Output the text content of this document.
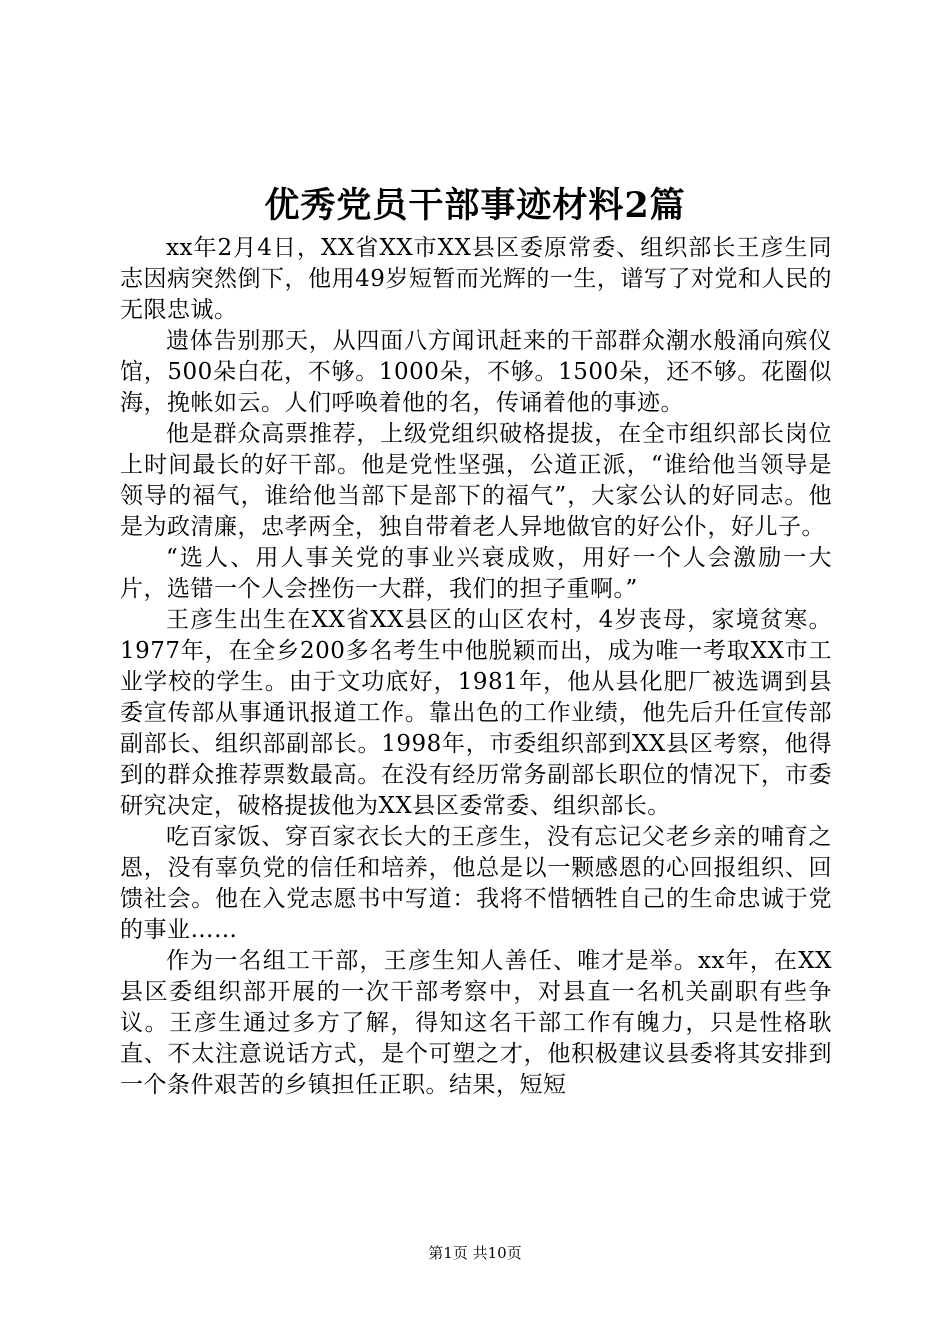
优秀党员干部事迹材料2篇

xx年2月4日，XX省XX市XX县区委原常委、组织部长王彦生同志因病突然倒下，他用49岁短暂而光辉的一生，谱写了对党和人民的无限忠诚。

遗体告别那天，从四面八方闻讯赶来的干部群众潮水般涌向殡仪馆，500朵白花，不够。1000朵，不够。1500朵，还不够。花圈似海，挽帐如云。人们呼唤着他的名，传诵着他的事迹。

他是群众高票推荐，上级党组织破格提拔，在全市组织部长岗位上时间最长的好干部。他是党性坚强，公道正派，“谁给他当领导是领导的福气，谁给他当部下是部下的福气”，大家公认的好同志。他是为政清廉，忠孝两全，独自带着老人异地做官的好公仆，好儿子。

“选人、用人事关党的事业兴衰成败，用好一个人会激励一大片，选错一个人会挫伤一大群，我们的担子重啊。”

王彦生出生在XX省XX县区的山区农村，4岁丧母，家境贫寒。1977年，在全乡200多名考生中他脱颖而出，成为唯一考取XX市工业学校的学生。由于文功底好，1981年，他从县化肥厂被选调到县委宣传部从事通讯报道工作。靠出色的工作业绩，他先后升任宣传部副部长、组织部副部长。1998年，市委组织部到XX县区考察，他得到的群众推荐票数最高。在没有经历常务副部长职位的情况下，市委研究决定，破格提拔他为XX县区委常委、组织部长。

吃百家饭、穿百家衣长大的王彦生，没有忘记父老乡亲的哺育之恩，没有辜负党的信任和培养，他总是以一颗感恩的心回报组织、回馈社会。他在入党志愿书中写道：我将不惜牺牲自己的生命忠诚于党的事业……

作为一名组工干部，王彦生知人善任、唯才是举。xx年，在XX县区委组织部开展的一次干部考察中，对县直一名机关副职有些争议。王彦生通过多方了解，得知这名干部工作有魄力，只是性格耿直、不太注意说话方式，是个可塑之才，他积极建议县委将其安排到一个条件艰苦的乡镇担任正职。结果，短短

第1页 共10页
